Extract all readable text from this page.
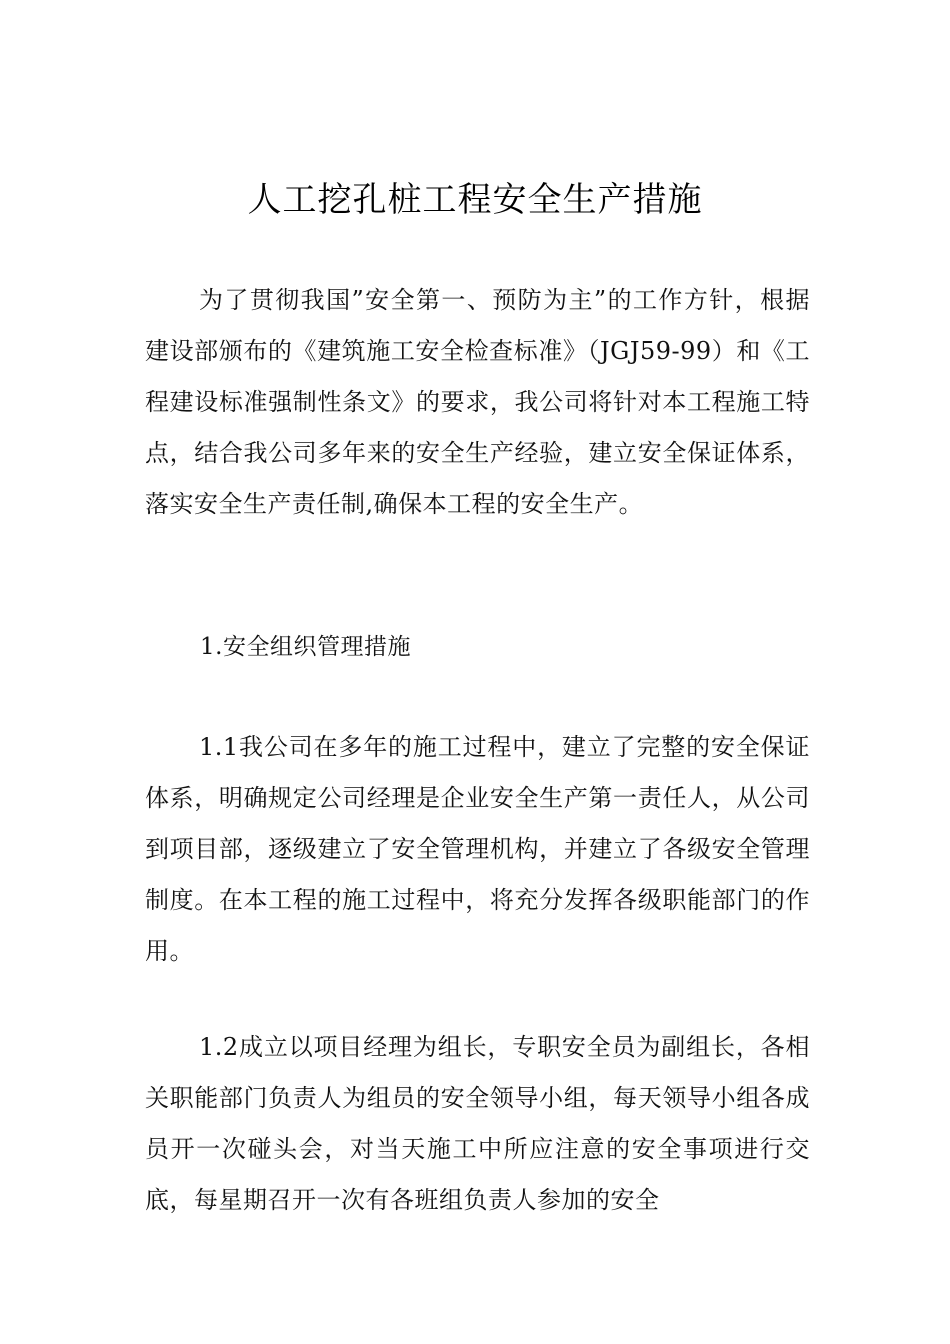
人工挖孔桩工程安全生产措施

为了贯彻我国”安全第一、预防为主”的工作方针，根据建设部颁布的《建筑施工安全检查标准》（JGJ59-99）和《工程建设标准强制性条文》的要求，我公司将针对本工程施工特点，结合我公司多年来的安全生产经验，建立安全保证体系，落实安全生产责任制,确保本工程的安全生产。

1.安全组织管理措施

1.1我公司在多年的施工过程中，建立了完整的安全保证体系，明确规定公司经理是企业安全生产第一责任人，从公司到项目部，逐级建立了安全管理机构，并建立了各级安全管理制度。在本工程的施工过程中，将充分发挥各级职能部门的作用。

1.2成立以项目经理为组长，专职安全员为副组长，各相关职能部门负责人为组员的安全领导小组，每天领导小组各成员开一次碰头会，对当天施工中所应注意的安全事项进行交底，每星期召开一次有各班组负责人参加的安全
